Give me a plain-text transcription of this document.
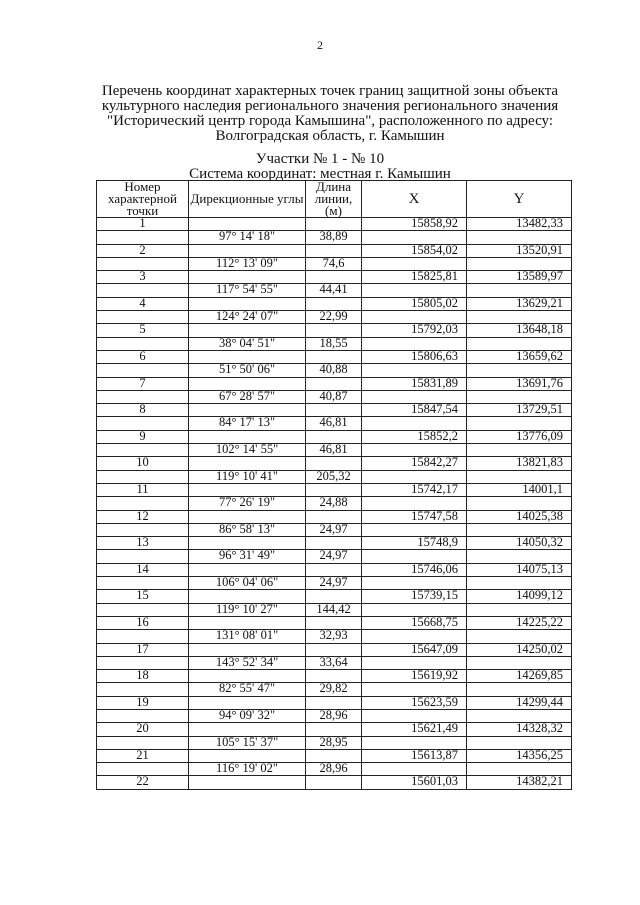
2
Перечень координат характерных точек границ защитной зоны объекта
культурного наследия регионального значения регионального значения
"Исторический центр города Камышина", расположенного по адресу:
Волгоградская область, г. Камышин
Участки № 1 - № 10
Система координат: местная г. Камышин
Номер характерной точки	Дирекционные углы	Длина линии, (м)	X	Y
1			15858,92	13482,33
	97° 14' 18"	38,89		
2			15854,02	13520,91
	112° 13' 09"	74,6		
3			15825,81	13589,97
	117° 54' 55"	44,41		
4			15805,02	13629,21
	124° 24' 07"	22,99		
5			15792,03	13648,18
	38° 04' 51"	18,55		
6			15806,63	13659,62
	51° 50' 06"	40,88		
7			15831,89	13691,76
	67° 28' 57"	40,87		
8			15847,54	13729,51
	84° 17' 13"	46,81		
9			15852,2	13776,09
	102° 14' 55"	46,81		
10			15842,27	13821,83
	119° 10' 41"	205,32		
11			15742,17	14001,1
	77° 26' 19"	24,88		
12			15747,58	14025,38
	86° 58' 13"	24,97		
13			15748,9	14050,32
	96° 31' 49"	24,97		
14			15746,06	14075,13
	106° 04' 06"	24,97		
15			15739,15	14099,12
	119° 10' 27"	144,42		
16			15668,75	14225,22
	131° 08' 01"	32,93		
17			15647,09	14250,02
	143° 52' 34"	33,64		
18			15619,92	14269,85
	82° 55' 47"	29,82		
19			15623,59	14299,44
	94° 09' 32"	28,96		
20			15621,49	14328,32
	105° 15' 37"	28,95		
21			15613,87	14356,25
	116° 19' 02"	28,96		
22			15601,03	14382,21
